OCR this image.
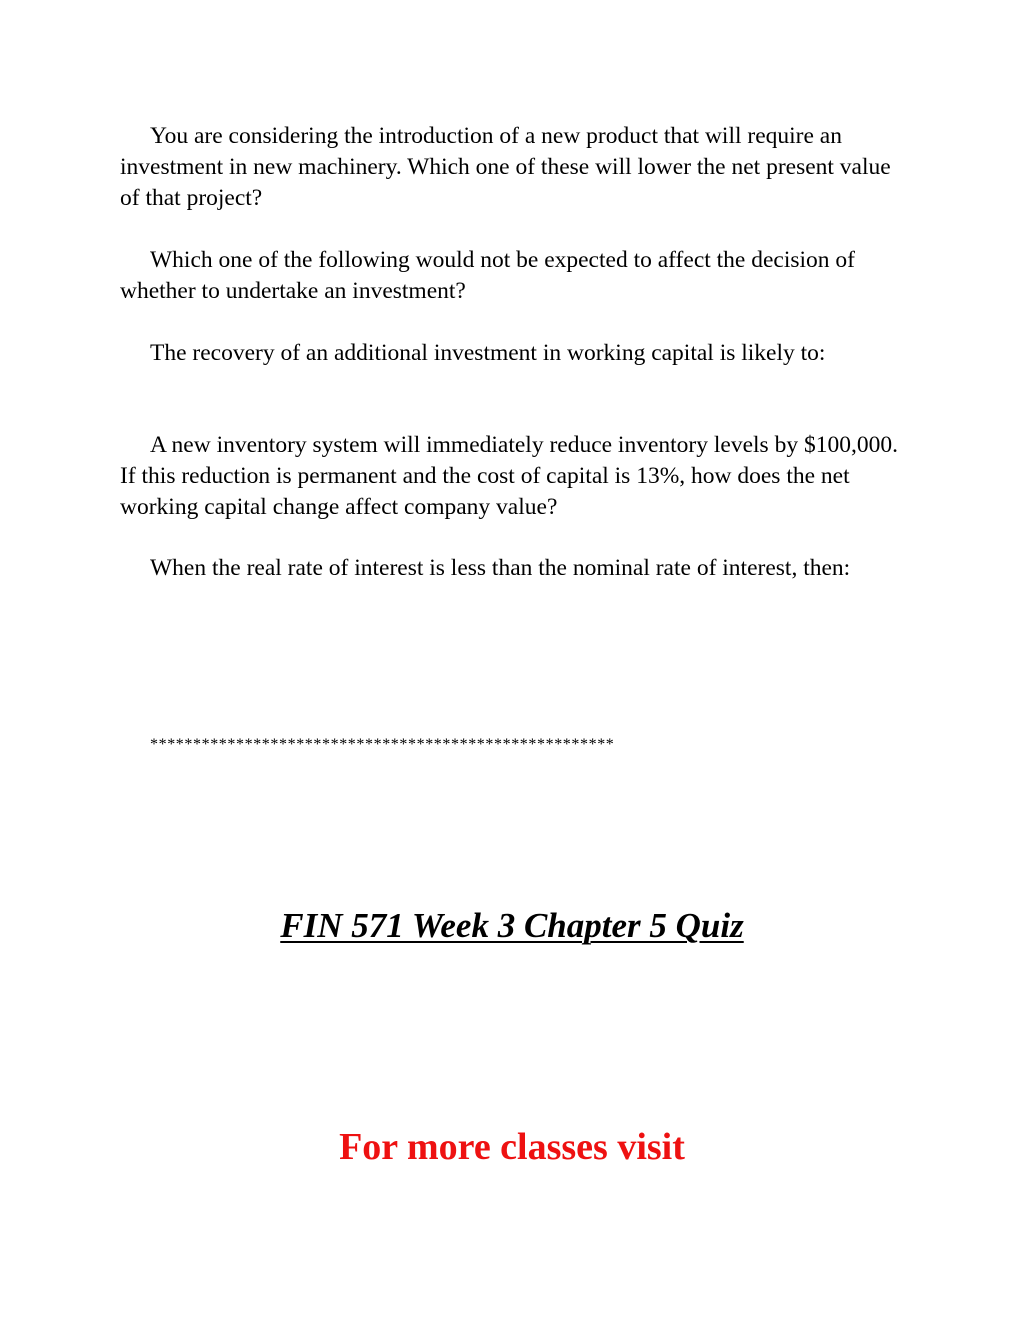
You are considering the introduction of a new product that will require an investment in new machinery. Which one of these will lower the net present value of that project?

Which one of the following would not be expected to affect the decision of whether to undertake an investment?

The recovery of an additional investment in working capital is likely to:

A new inventory system will immediately reduce inventory levels by $100,000. If this reduction is permanent and the cost of capital is 13%, how does the net working capital change affect company value?

When the real rate of interest is less than the nominal rate of interest, then:

******************************************************

FIN 571 Week 3 Chapter 5 Quiz

For more classes visit
